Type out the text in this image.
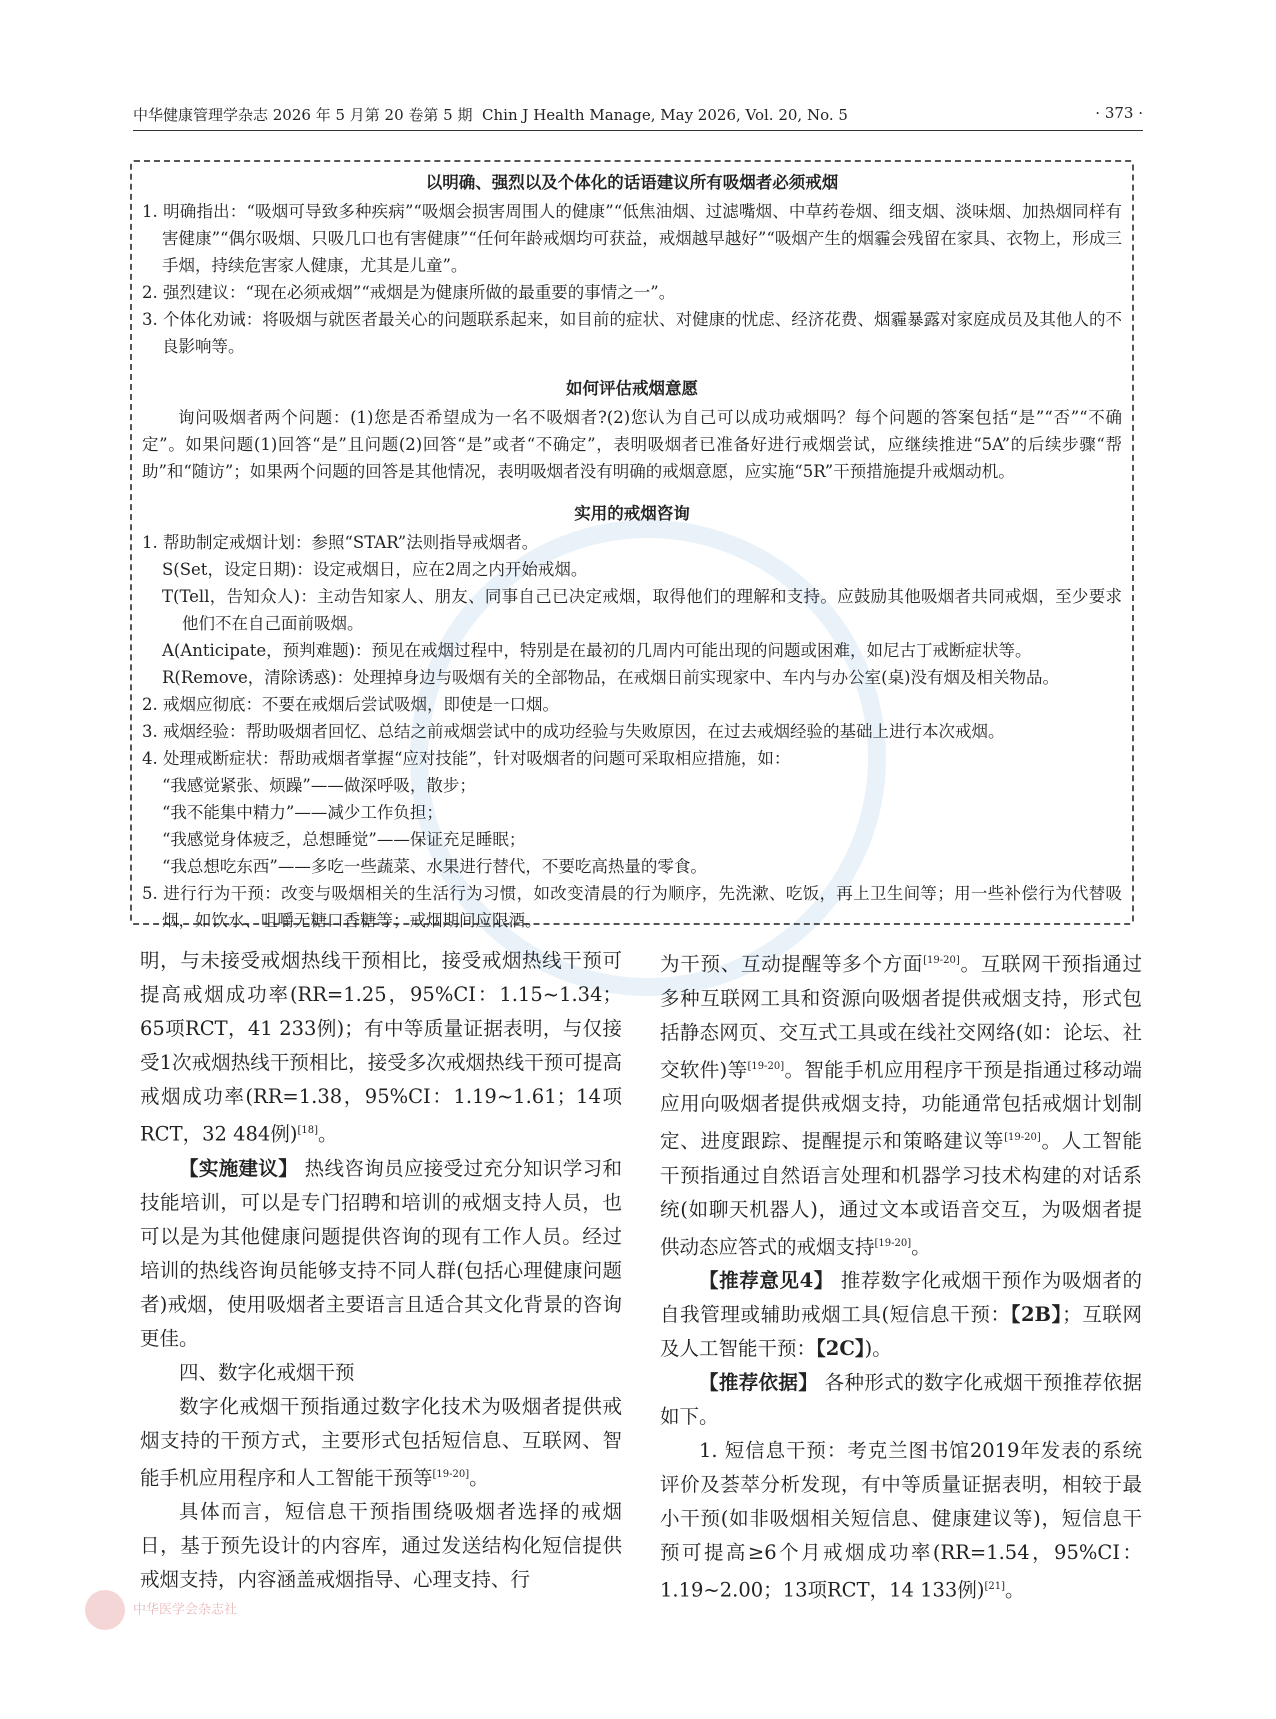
中华健康管理学杂志 2026 年 5 月第 20 卷第 5 期 Chin J Health Manage, May 2026, Vol. 20, No. 5	· 373 ·
以明确、强烈以及个体化的话语建议所有吸烟者必须戒烟

1. 明确指出：“吸烟可导致多种疾病”“吸烟会损害周围人的健康”“低焦油烟、过滤嘴烟、中草药卷烟、细支烟、淡味烟、加热烟同样有害健康”“偶尔吸烟、只吸几口也有害健康”“任何年龄戒烟均可获益，戒烟越早越好”“吸烟产生的烟霾会残留在家具、衣物上，形成三手烟，持续危害家人健康，尤其是儿童”。

2. 强烈建议：“现在必须戒烟”“戒烟是为健康所做的最重要的事情之一”。

3. 个体化劝诫：将吸烟与就医者最关心的问题联系起来，如目前的症状、对健康的忧虑、经济花费、烟霾暴露对家庭成员及其他人的不良影响等。

如何评估戒烟意愿

询问吸烟者两个问题：(1)您是否希望成为一名不吸烟者?(2)您认为自己可以成功戒烟吗？每个问题的答案包括“是”“否”“不确定”。如果问题(1)回答“是”且问题(2)回答“是”或者“不确定”，表明吸烟者已准备好进行戒烟尝试，应继续推进“5A”的后续步骤“帮助”和“随访”；如果两个问题的回答是其他情况，表明吸烟者没有明确的戒烟意愿，应实施“5R”干预措施提升戒烟动机。

实用的戒烟咨询

1. 帮助制定戒烟计划：参照“STAR”法则指导戒烟者。

S(Set，设定日期)：设定戒烟日，应在2周之内开始戒烟。

T(Tell，告知众人)：主动告知家人、朋友、同事自己已决定戒烟，取得他们的理解和支持。应鼓励其他吸烟者共同戒烟，至少要求他们不在自己面前吸烟。

A(Anticipate，预判难题)：预见在戒烟过程中，特别是在最初的几周内可能出现的问题或困难，如尼古丁戒断症状等。

R(Remove，清除诱惑)：处理掉身边与吸烟有关的全部物品，在戒烟日前实现家中、车内与办公室(桌)没有烟及相关物品。

2. 戒烟应彻底：不要在戒烟后尝试吸烟，即使是一口烟。

3. 戒烟经验：帮助吸烟者回忆、总结之前戒烟尝试中的成功经验与失败原因，在过去戒烟经验的基础上进行本次戒烟。

4. 处理戒断症状：帮助戒烟者掌握“应对技能”，针对吸烟者的问题可采取相应措施，如：

“我感觉紧张、烦躁”——做深呼吸，散步；

“我不能集中精力”——减少工作负担；

“我感觉身体疲乏，总想睡觉”——保证充足睡眠；

“我总想吃东西”——多吃一些蔬菜、水果进行替代，不要吃高热量的零食。

5. 进行行为干预：改变与吸烟相关的生活行为习惯，如改变清晨的行为顺序，先洗漱、吃饭，再上卫生间等；用一些补偿行为代替吸烟，如饮水、咀嚼无糖口香糖等；戒烟期间应限酒。

明，与未接受戒烟热线干预相比，接受戒烟热线干预可提高戒烟成功率(RR=1.25，95%CI：1.15~1.34；65项RCT，41 233例)；有中等质量证据表明，与仅接受1次戒烟热线干预相比，接受多次戒烟热线干预可提高戒烟成功率(RR=1.38，95%CI：1.19~1.61；14项RCT，32 484例)[18]。

【实施建议】 热线咨询员应接受过充分知识学习和技能培训，可以是专门招聘和培训的戒烟支持人员，也可以是为其他健康问题提供咨询的现有工作人员。经过培训的热线咨询员能够支持不同人群(包括心理健康问题者)戒烟，使用吸烟者主要语言且适合其文化背景的咨询更佳。

四、数字化戒烟干预

数字化戒烟干预指通过数字化技术为吸烟者提供戒烟支持的干预方式，主要形式包括短信息、互联网、智能手机应用程序和人工智能干预等[19-20]。

具体而言，短信息干预指围绕吸烟者选择的戒烟日，基于预先设计的内容库，通过发送结构化短信提供戒烟支持，内容涵盖戒烟指导、心理支持、行

为干预、互动提醒等多个方面[19-20]。互联网干预指通过多种互联网工具和资源向吸烟者提供戒烟支持，形式包括静态网页、交互式工具或在线社交网络(如：论坛、社交软件)等[19-20]。智能手机应用程序干预是指通过移动端应用向吸烟者提供戒烟支持，功能通常包括戒烟计划制定、进度跟踪、提醒提示和策略建议等[19-20]。人工智能干预指通过自然语言处理和机器学习技术构建的对话系统(如聊天机器人)，通过文本或语音交互，为吸烟者提供动态应答式的戒烟支持[19-20]。

【推荐意见4】 推荐数字化戒烟干预作为吸烟者的自我管理或辅助戒烟工具(短信息干预：【2B】；互联网及人工智能干预：【2C】)。

【推荐依据】 各种形式的数字化戒烟干预推荐依据如下。

1. 短信息干预：考克兰图书馆2019年发表的系统评价及荟萃分析发现，有中等质量证据表明，相较于最小干预(如非吸烟相关短信息、健康建议等)，短信息干预可提高≥6个月戒烟成功率(RR=1.54，95%CI：1.19~2.00；13项RCT，14 133例)[21]。

中华医学会杂志社
